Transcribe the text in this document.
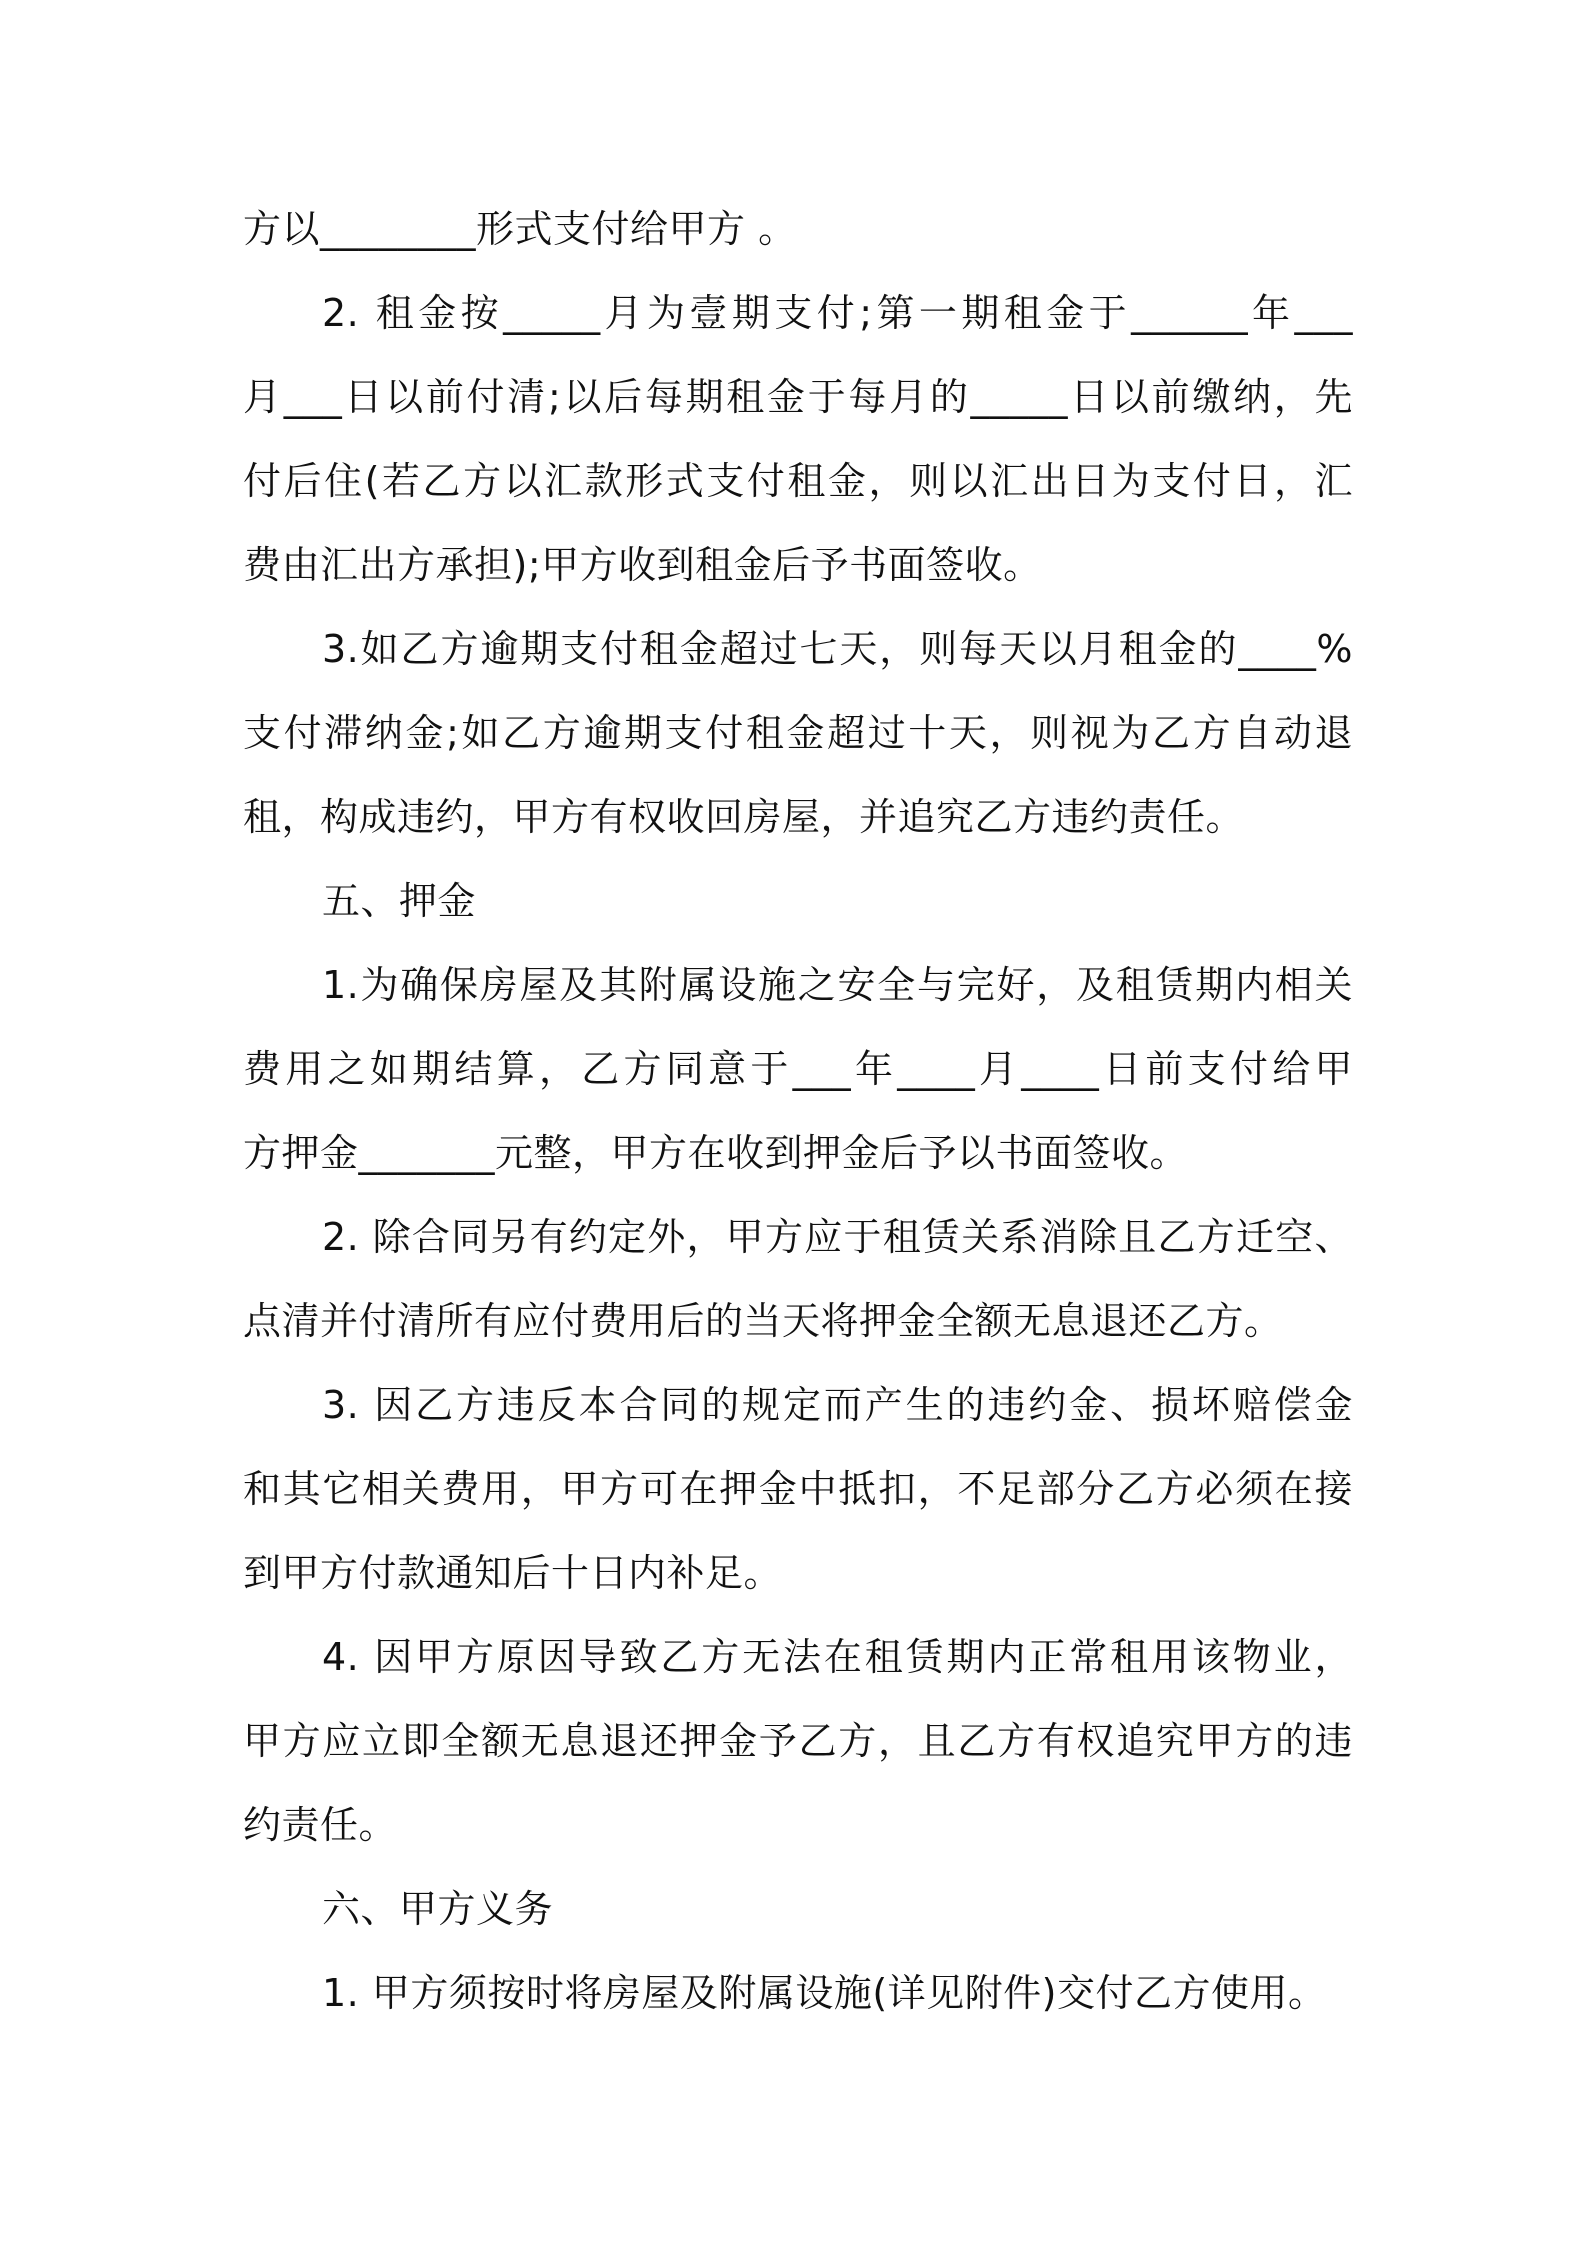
方以________形式支付给甲方 。
2. 租金按_____月为壹期支付;第一期租金于______年___
月___日以前付清;以后每期租金于每月的_____日以前缴纳，先
付后住(若乙方以汇款形式支付租金，则以汇出日为支付日，汇
费由汇出方承担);甲方收到租金后予书面签收。
3.如乙方逾期支付租金超过七天，则每天以月租金的____%
支付滞纳金;如乙方逾期支付租金超过十天，则视为乙方自动退
租，构成违约，甲方有权收回房屋，并追究乙方违约责任。
五、押金
1.为确保房屋及其附属设施之安全与完好，及租赁期内相关
费用之如期结算，乙方同意于___年____月____日前支付给甲
方押金_______元整，甲方在收到押金后予以书面签收。
2. 除合同另有约定外，甲方应于租赁关系消除且乙方迁空、
点清并付清所有应付费用后的当天将押金全额无息退还乙方。
3. 因乙方违反本合同的规定而产生的违约金、损坏赔偿金
和其它相关费用，甲方可在押金中抵扣，不足部分乙方必须在接
到甲方付款通知后十日内补足。
4. 因甲方原因导致乙方无法在租赁期内正常租用该物业，
甲方应立即全额无息退还押金予乙方，且乙方有权追究甲方的违
约责任。
六、甲方义务
1. 甲方须按时将房屋及附属设施(详见附件)交付乙方使用。
